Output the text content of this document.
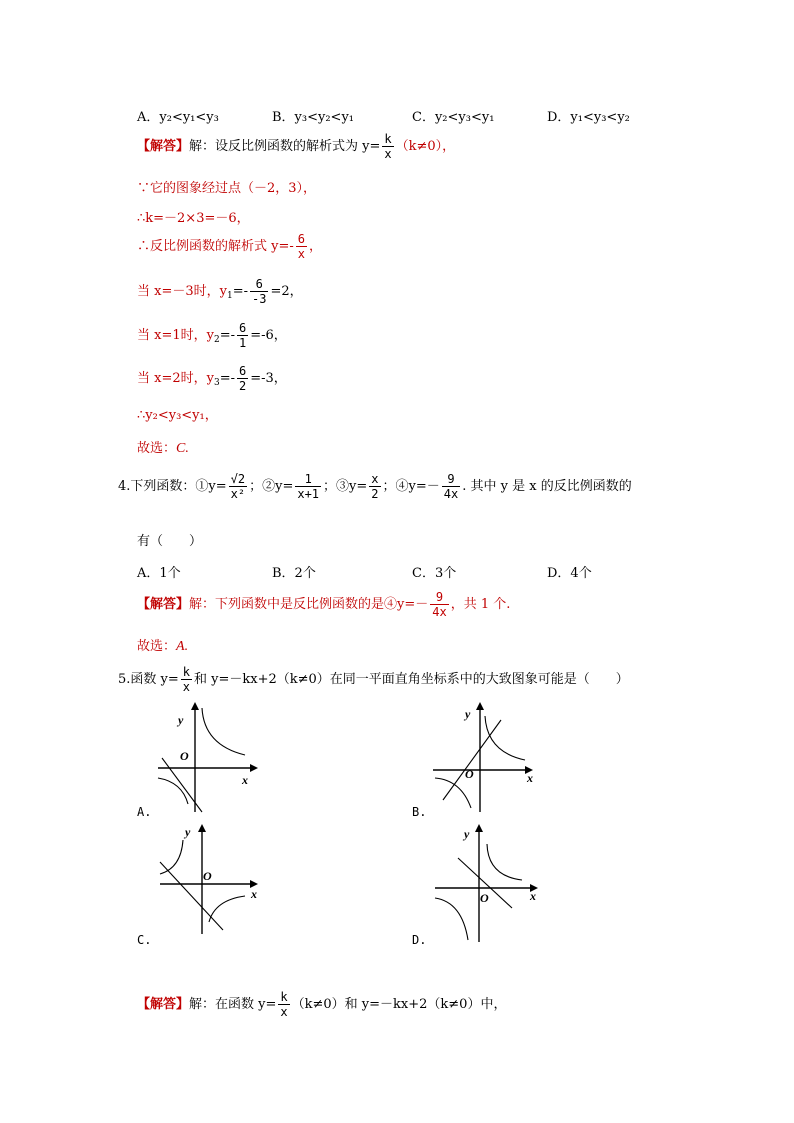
A．y₂<y₁<y₃	B．y₃<y₂<y₁	C．y₂<y₃<y₁	D．y₁<y₃<y₂
【解答】解：设反比例函数的解析式为 $y= \frac{k}{x} (k\ne 0)$，
∵它的图象经过点（－2，3），
∴k=－2×3=－6，
∴反比例函数的解析式 $y=- \frac{6}{x}$ ，
当 x=－3时，$y_1=- \frac{6}{-3} =2$，
当 x=1时，$y_2=- \frac{6}{1} =-6$，
当 x=2时，$y_3=- \frac{6}{2} =-3$，
∴y₂<y₃<y₁，
故选：C.
4.下列函数：①y= $\frac{√2}{\text{x²}}$ ；②y= $\frac{1}{x+1}$ ；③y= $\frac{x}{2}$ ；④y=－ $\frac{9}{4x}$ . 其中 y 是 x 的反比例函数的
有（　　）
A．1个	B．2个	C．3个	D．4个
【解答】解：下列函数中是反比例函数的是④y=－ $\frac{9}{4x}$ ，共 1 个.
故选：A.
5.函数 $y= \frac{k}{x}$ 和 y=－kx+2（k≠0）在同一平面直角坐标系中的大致图象可能是（　　）
y
O
x
A.
y
O	x
B.
y
O
x
C.
y
O	x
D.
【解答】解：在函数 $y= \frac{k}{x} (k\ne 0)$和 y=－kx+2（k≠0）中，
